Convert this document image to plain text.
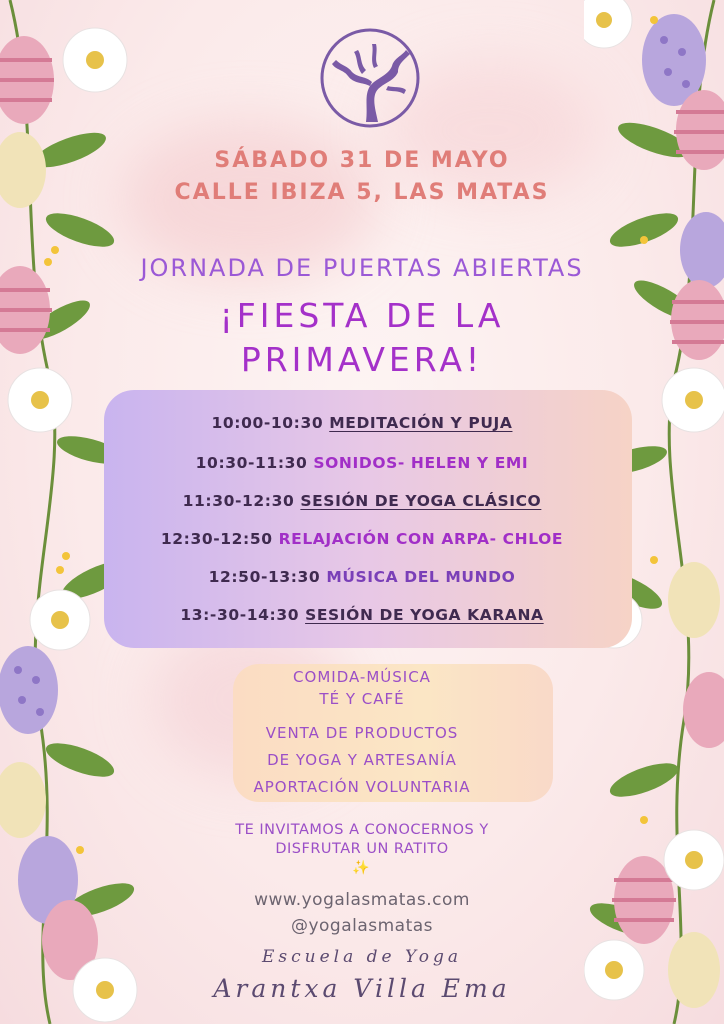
SÁBADO 31 DE MAYO
CALLE IBIZA 5, LAS MATAS
JORNADA DE PUERTAS ABIERTAS
¡FIESTA DE LA
PRIMAVERA!
10:00-10:30 MEDITACIÓN Y PUJA
10:30-11:30 SONIDOS- HELEN Y EMI
11:30-12:30 SESIÓN DE YOGA CLÁSICO
12:30-12:50 RELAJACIÓN CON ARPA- CHLOE
12:50-13:30 MÚSICA DEL MUNDO
13:-30-14:30 SESIÓN DE YOGA KARANA
COMIDA-MÚSICA
TÉ Y CAFÉ
VENTA DE PRODUCTOS
DE YOGA Y ARTESANÍA
APORTACIÓN VOLUNTARIA
TE INVITAMOS A CONOCERNOS Y
DISFRUTAR UN RATITO
✨
www.yogalasmatas.com
@yogalasmatas
Escuela de Yoga
Arantxa Villa Ema
